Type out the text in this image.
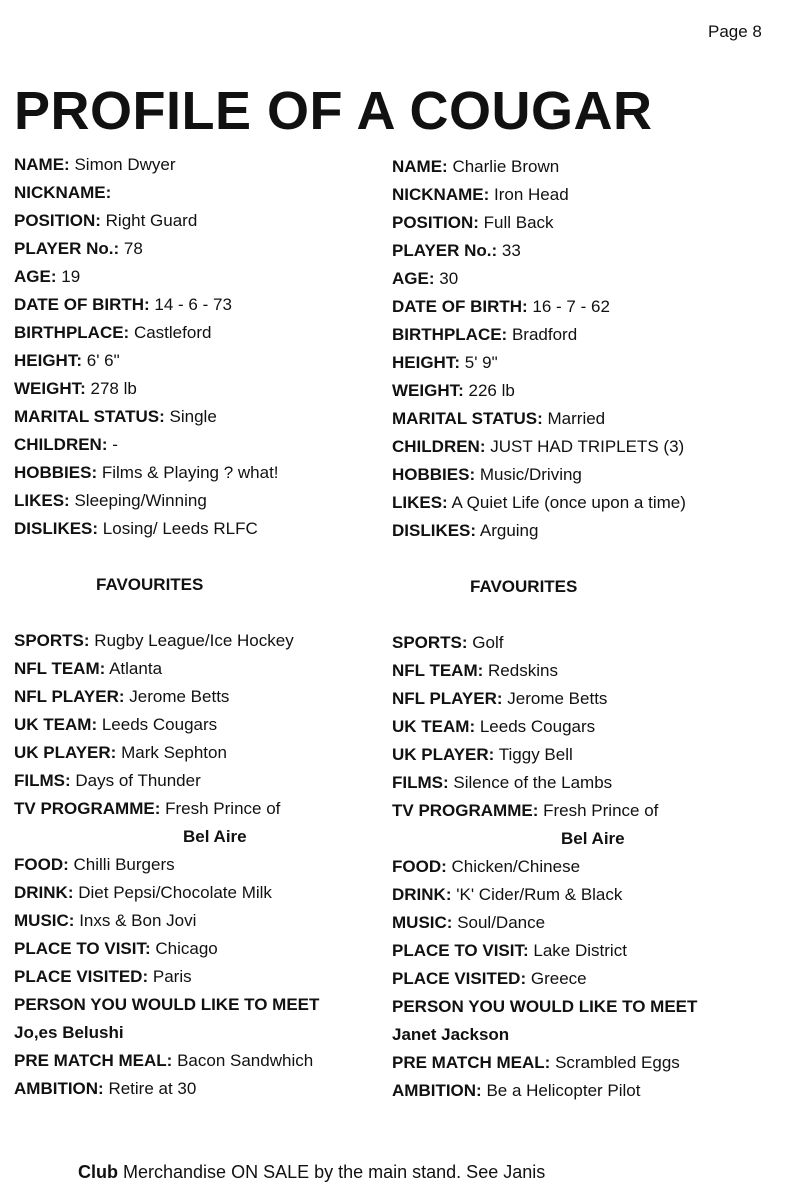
Page 8
PROFILE OF A COUGAR
NAME: Simon Dwyer
NICKNAME:
POSITION: Right Guard
PLAYER No.: 78
AGE: 19
DATE OF BIRTH: 14 - 6 - 73
BIRTHPLACE: Castleford
HEIGHT: 6' 6"
WEIGHT: 278 lb
MARITAL STATUS: Single
CHILDREN: -
HOBBIES: Films & Playing ? what!
LIKES: Sleeping/Winning
DISLIKES: Losing/ Leeds RLFC
FAVOURITES
SPORTS: Rugby League/Ice Hockey
NFL TEAM: Atlanta
NFL PLAYER: Jerome Betts
UK TEAM: Leeds Cougars
UK PLAYER: Mark Sephton
FILMS: Days of Thunder
TV PROGRAMME: Fresh Prince of
Bel Aire
FOOD: Chilli Burgers
DRINK: Diet Pepsi/Chocolate Milk
MUSIC: Inxs & Bon Jovi
PLACE TO VISIT: Chicago
PLACE VISITED: Paris
PERSON YOU WOULD LIKE TO MEET
Jo,es Belushi
PRE MATCH MEAL: Bacon Sandwhich
AMBITION: Retire at 30
NAME: Charlie Brown
NICKNAME: Iron Head
POSITION: Full Back
PLAYER No.: 33
AGE: 30
DATE OF BIRTH: 16 - 7 - 62
BIRTHPLACE: Bradford
HEIGHT: 5' 9"
WEIGHT: 226 lb
MARITAL STATUS: Married
CHILDREN: JUST HAD TRIPLETS (3)
HOBBIES: Music/Driving
LIKES: A Quiet Life (once upon a time)
DISLIKES: Arguing
FAVOURITES
SPORTS: Golf
NFL TEAM: Redskins
NFL PLAYER: Jerome Betts
UK TEAM: Leeds Cougars
UK PLAYER: Tiggy Bell
FILMS: Silence of the Lambs
TV PROGRAMME: Fresh Prince of
Bel Aire
FOOD: Chicken/Chinese
DRINK: 'K' Cider/Rum & Black
MUSIC: Soul/Dance
PLACE TO VISIT: Lake District
PLACE VISITED: Greece
PERSON YOU WOULD LIKE TO MEET
Janet Jackson
PRE MATCH MEAL: Scrambled Eggs
AMBITION: Be a Helicopter Pilot
Club Merchandise ON SALE by the main stand. See Janis
